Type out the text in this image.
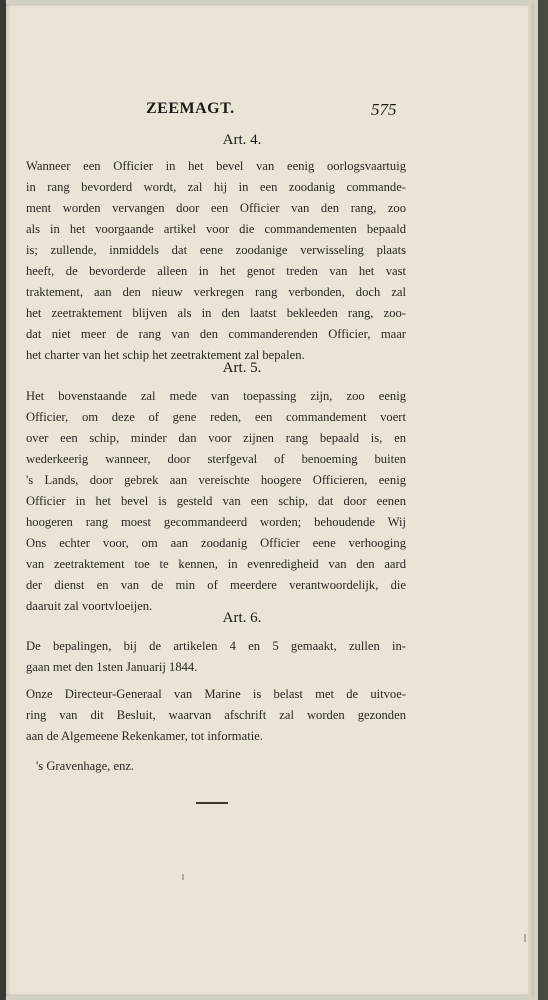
ZEEMAGT.	575
Art. 4.
Wanneer een Officier in het bevel van eenig oorlogsvaartuig
in rang bevorderd wordt, zal hij in een zoodanig commande-
ment worden vervangen door een Officier van den rang, zoo
als in het voorgaande artikel voor die commandementen bepaald
is; zullende, inmiddels dat eene zoodanige verwisseling plaats
heeft, de bevorderde alleen in het genot treden van het vast
traktement, aan den nieuw verkregen rang verbonden, doch zal
het zeetraktement blijven als in den laatst bekleeden rang, zoo-
dat niet meer de rang van den commanderenden Officier, maar
het charter van het schip het zeetraktement zal bepalen.
Art. 5.
Het bovenstaande zal mede van toepassing zijn, zoo eenig
Officier, om deze of gene reden, een commandement voert
over een schip, minder dan voor zijnen rang bepaald is, en
wederkeerig wanneer, door sterfgeval of benoeming buiten
's Lands, door gebrek aan vereischte hoogere Officieren, eenig
Officier in het bevel is gesteld van een schip, dat door eenen
hoogeren rang moest gecommandeerd worden; behoudende Wij
Ons echter voor, om aan zoodanig Officier eene verhooging
van zeetraktement toe te kennen, in evenredigheid van den aard
der dienst en van de min of meerdere verantwoordelijk, die
daaruit zal voortvloeijen.
Art. 6.
De bepalingen, bij de artikelen 4 en 5 gemaakt, zullen in-
gaan met den 1sten Januarij 1844.
Onze Directeur-Generaal van Marine is belast met de uitvoe-
ring van dit Besluit, waarvan afschrift zal worden gezonden
aan de Algemeene Rekenkamer, tot informatie.
's Gravenhage, enz.
